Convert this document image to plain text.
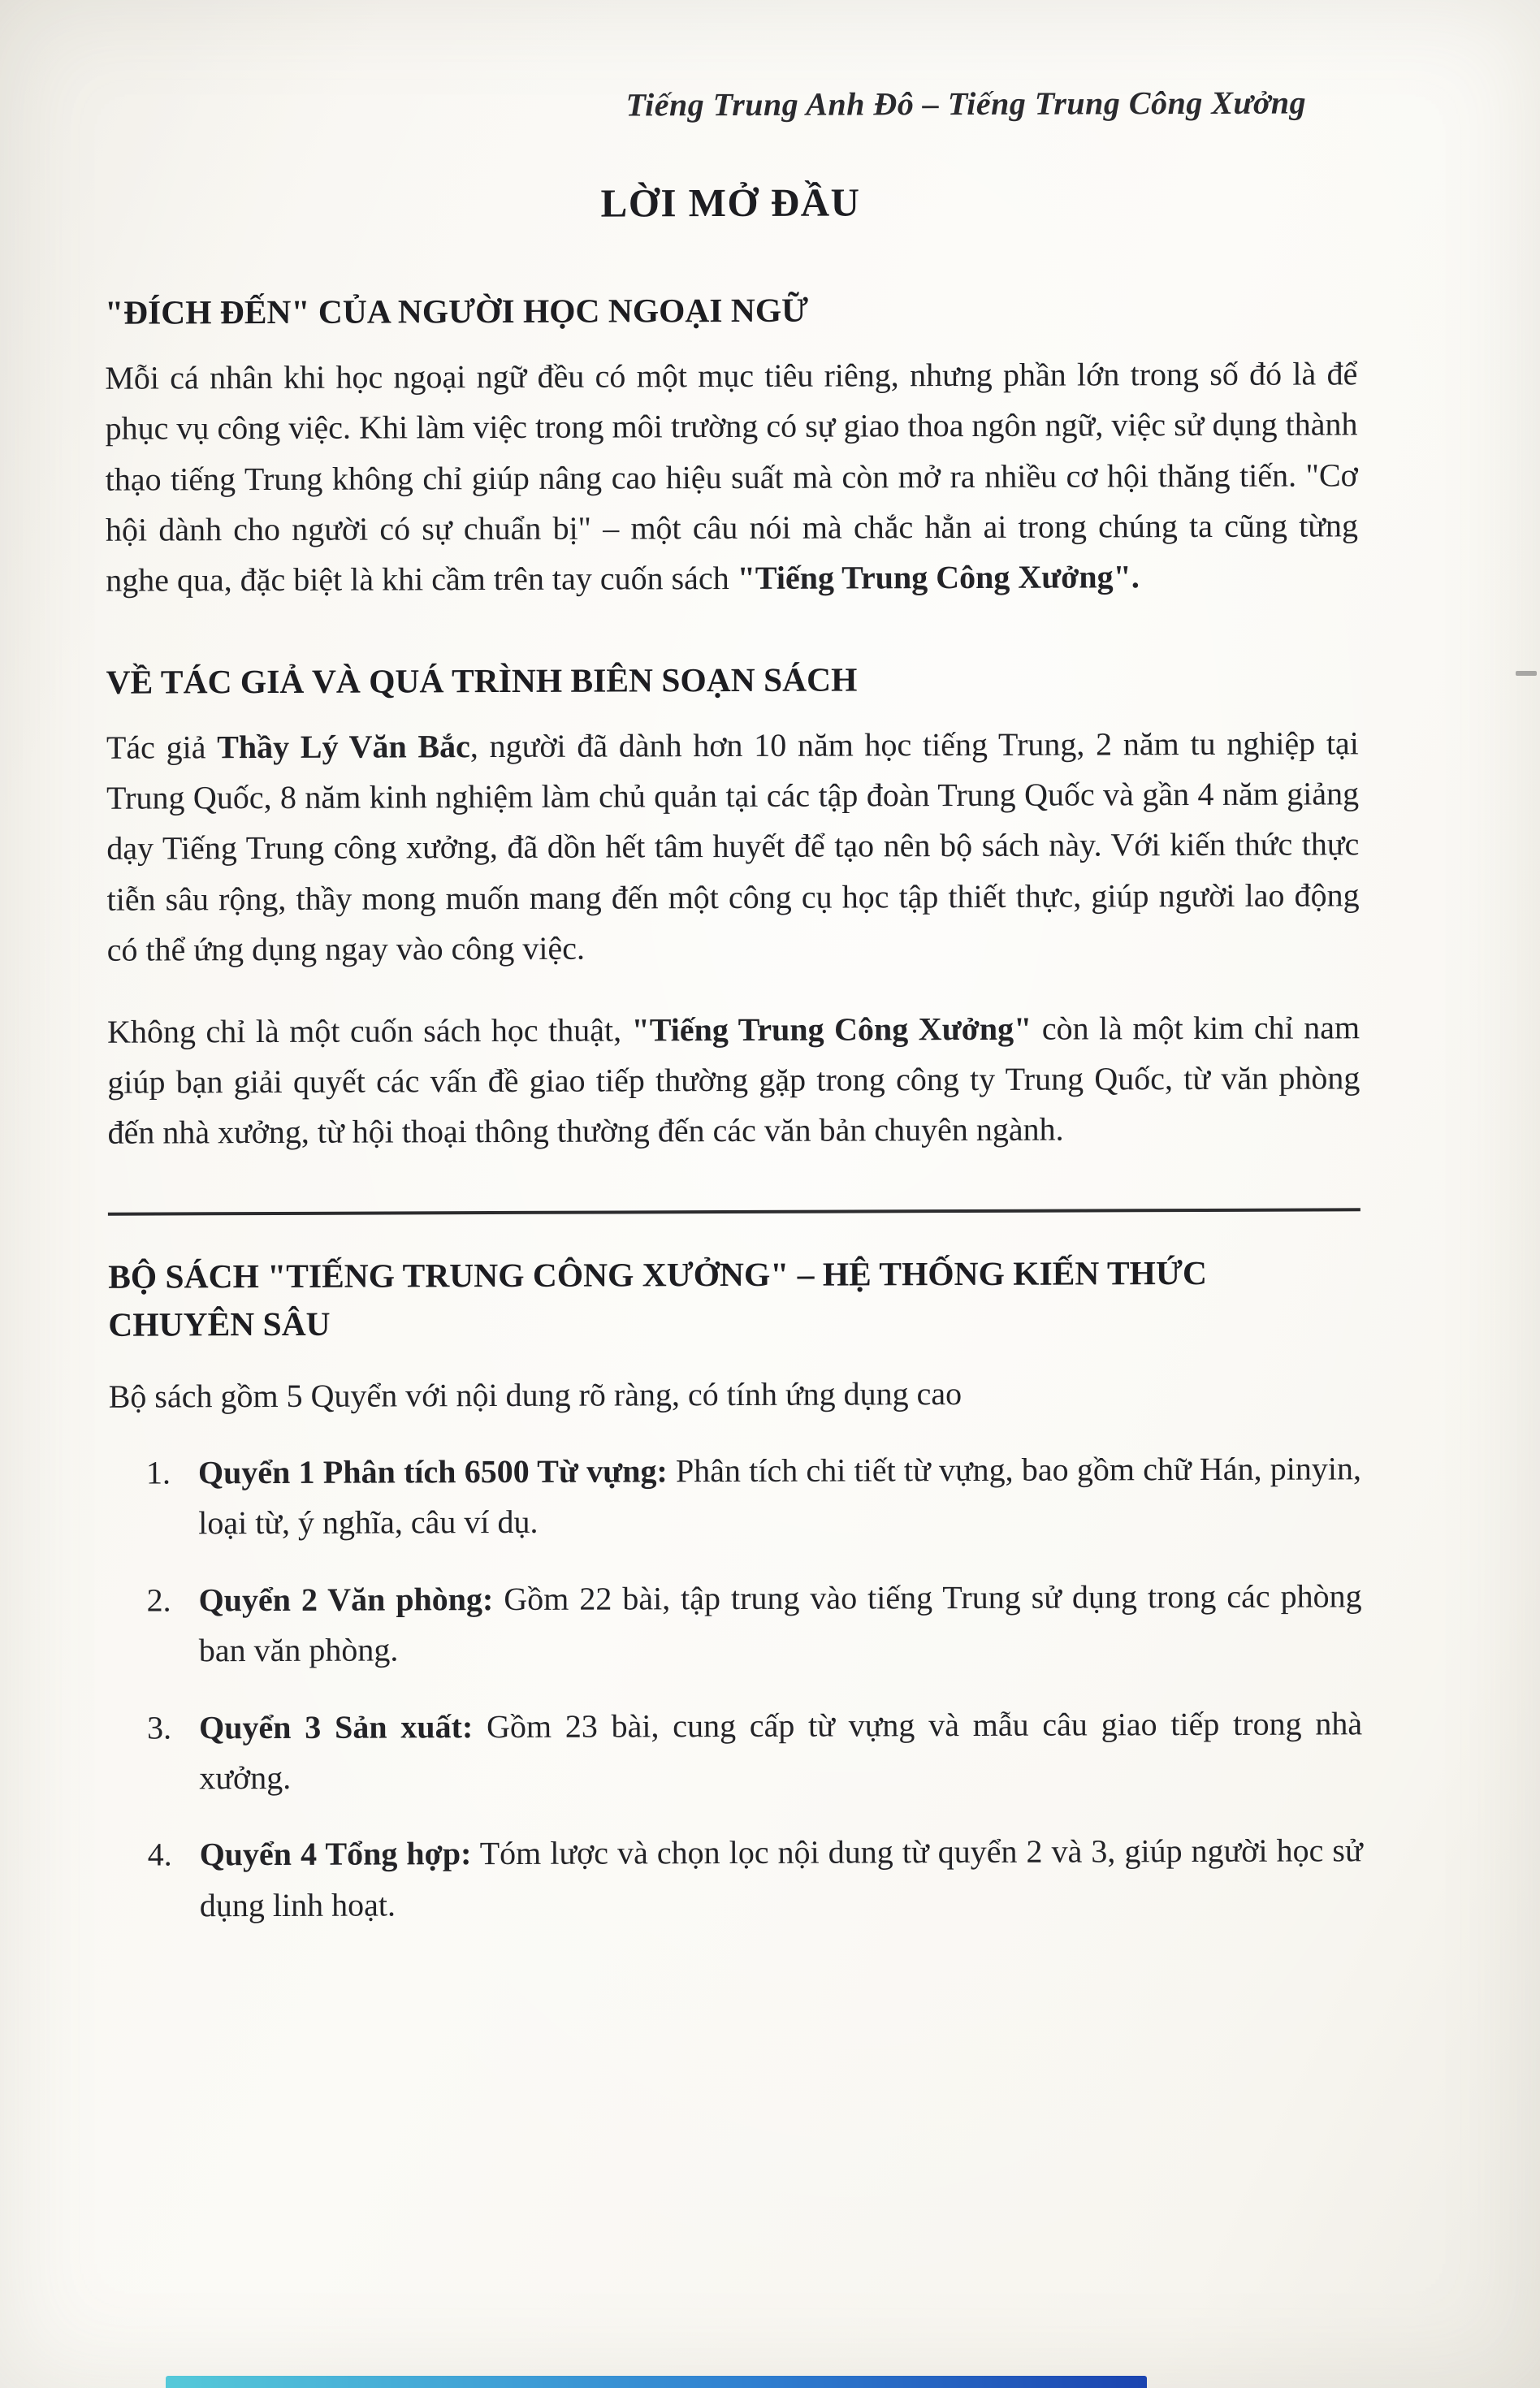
Tiếng Trung Anh Đô – Tiếng Trung Công Xưởng
LỜI MỞ ĐẦU
"ĐÍCH ĐẾN" CỦA NGƯỜI HỌC NGOẠI NGỮ

Mỗi cá nhân khi học ngoại ngữ đều có một mục tiêu riêng, nhưng phần lớn trong số đó là để phục vụ công việc. Khi làm việc trong môi trường có sự giao thoa ngôn ngữ, việc sử dụng thành thạo tiếng Trung không chỉ giúp nâng cao hiệu suất mà còn mở ra nhiều cơ hội thăng tiến. "Cơ hội dành cho người có sự chuẩn bị" – một câu nói mà chắc hẳn ai trong chúng ta cũng từng nghe qua, đặc biệt là khi cầm trên tay cuốn sách "Tiếng Trung Công Xưởng".

VỀ TÁC GIẢ VÀ QUÁ TRÌNH BIÊN SOẠN SÁCH

Tác giả Thầy Lý Văn Bắc, người đã dành hơn 10 năm học tiếng Trung, 2 năm tu nghiệp tại Trung Quốc, 8 năm kinh nghiệm làm chủ quản tại các tập đoàn Trung Quốc và gần 4 năm giảng dạy Tiếng Trung công xưởng, đã dồn hết tâm huyết để tạo nên bộ sách này. Với kiến thức thực tiễn sâu rộng, thầy mong muốn mang đến một công cụ học tập thiết thực, giúp người lao động có thể ứng dụng ngay vào công việc.

Không chỉ là một cuốn sách học thuật, "Tiếng Trung Công Xưởng" còn là một kim chỉ nam giúp bạn giải quyết các vấn đề giao tiếp thường gặp trong công ty Trung Quốc, từ văn phòng đến nhà xưởng, từ hội thoại thông thường đến các văn bản chuyên ngành.

BỘ SÁCH "TIẾNG TRUNG CÔNG XƯỞNG" – HỆ THỐNG KIẾN THỨC CHUYÊN SÂU

Bộ sách gồm 5 Quyển với nội dung rõ ràng, có tính ứng dụng cao

1. Quyển 1 Phân tích 6500 Từ vựng: Phân tích chi tiết từ vựng, bao gồm chữ Hán, pinyin, loại từ, ý nghĩa, câu ví dụ.
2. Quyển 2 Văn phòng: Gồm 22 bài, tập trung vào tiếng Trung sử dụng trong các phòng ban văn phòng.
3. Quyển 3 Sản xuất: Gồm 23 bài, cung cấp từ vựng và mẫu câu giao tiếp trong nhà xưởng.
4. Quyển 4 Tổng hợp: Tóm lược và chọn lọc nội dung từ quyển 2 và 3, giúp người học sử dụng linh hoạt.
